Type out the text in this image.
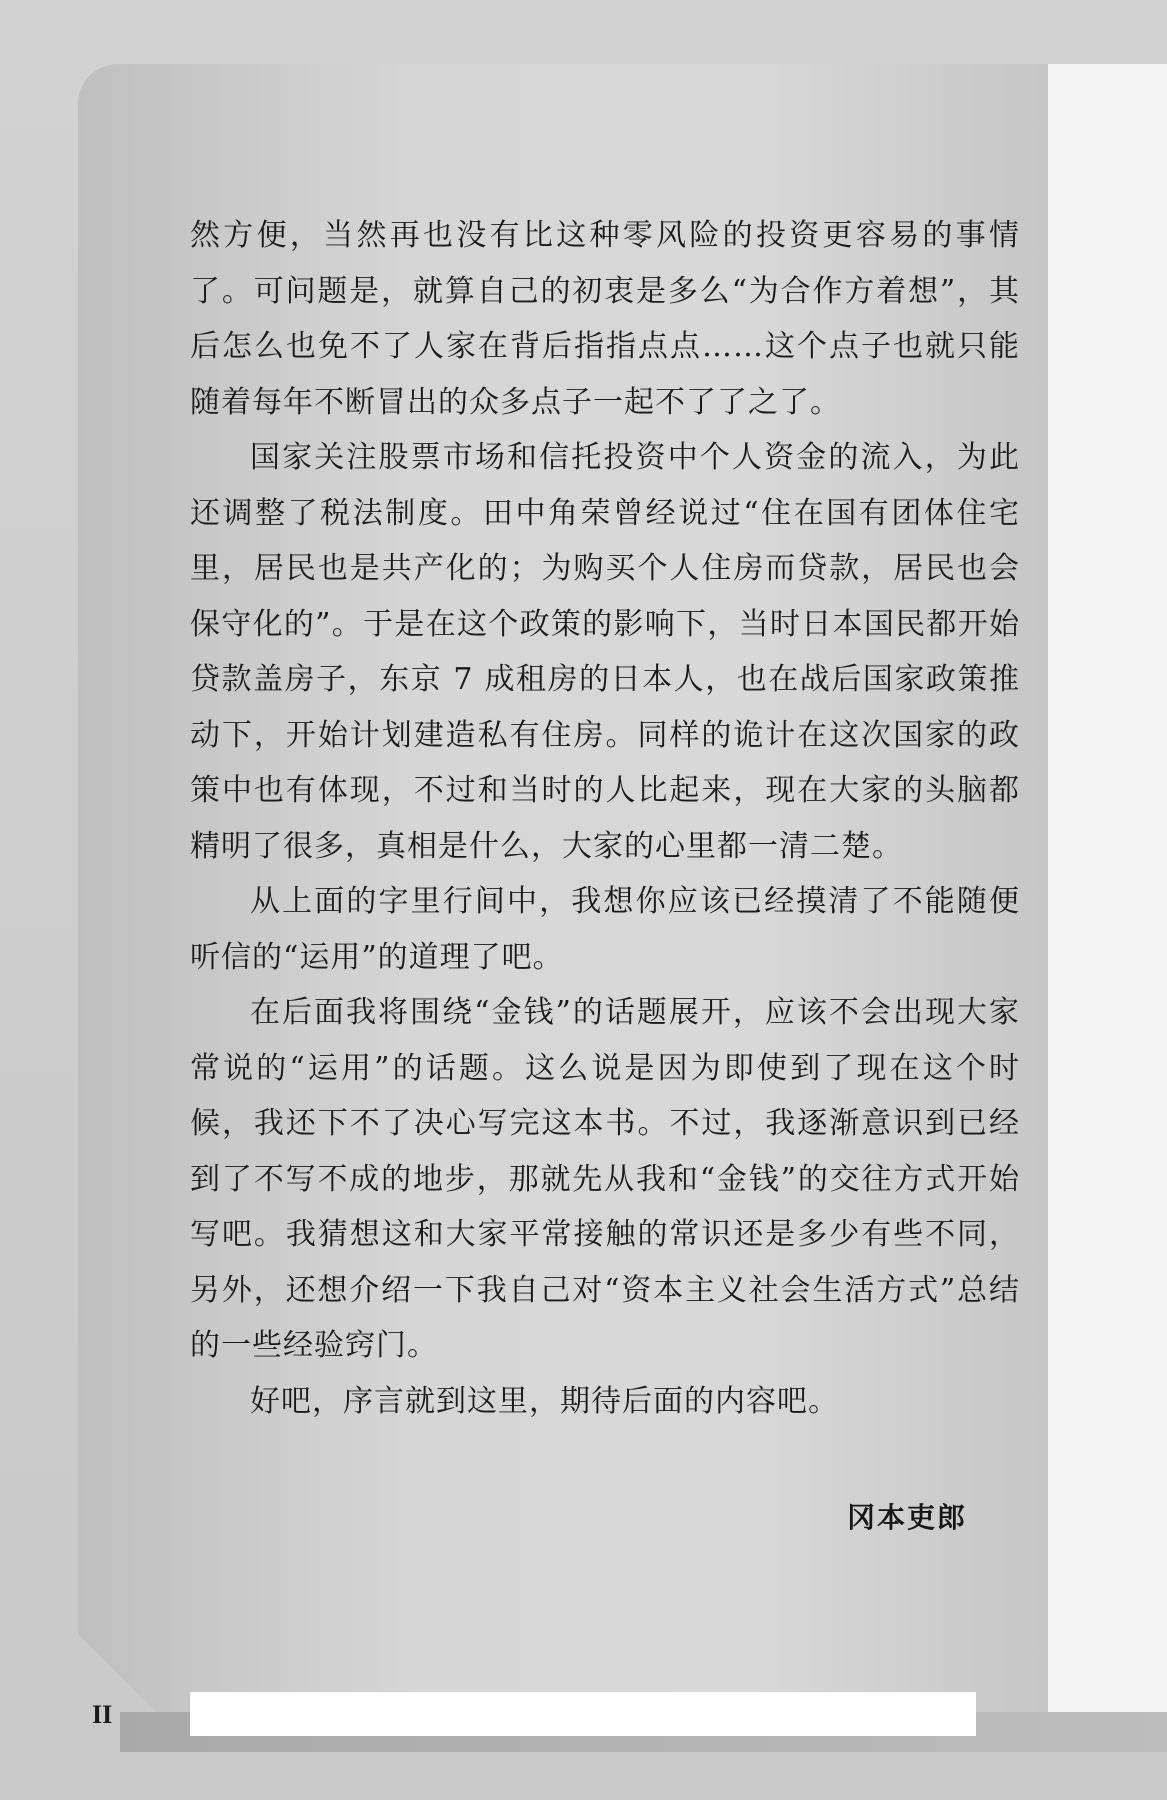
然方便，当然再也没有比这种零风险的投资更容易的事情了。可问题是，就算自己的初衷是多么“为合作方着想”，其后怎么也免不了人家在背后指指点点……这个点子也就只能随着每年不断冒出的众多点子一起不了了之了。

国家关注股票市场和信托投资中个人资金的流入，为此还调整了税法制度。田中角荣曾经说过“住在国有团体住宅里，居民也是共产化的；为购买个人住房而贷款，居民也会保守化的”。于是在这个政策的影响下，当时日本国民都开始贷款盖房子，东京 7 成租房的日本人，也在战后国家政策推动下，开始计划建造私有住房。同样的诡计在这次国家的政策中也有体现，不过和当时的人比起来，现在大家的头脑都精明了很多，真相是什么，大家的心里都一清二楚。

从上面的字里行间中，我想你应该已经摸清了不能随便听信的“运用”的道理了吧。

在后面我将围绕“金钱”的话题展开，应该不会出现大家常说的“运用”的话题。这么说是因为即使到了现在这个时候，我还下不了决心写完这本书。不过，我逐渐意识到已经到了不写不成的地步，那就先从我和“金钱”的交往方式开始写吧。我猜想这和大家平常接触的常识还是多少有些不同，另外，还想介绍一下我自己对“资本主义社会生活方式”总结的一些经验窍门。

好吧，序言就到这里，期待后面的内容吧。

冈本吏郎
II
